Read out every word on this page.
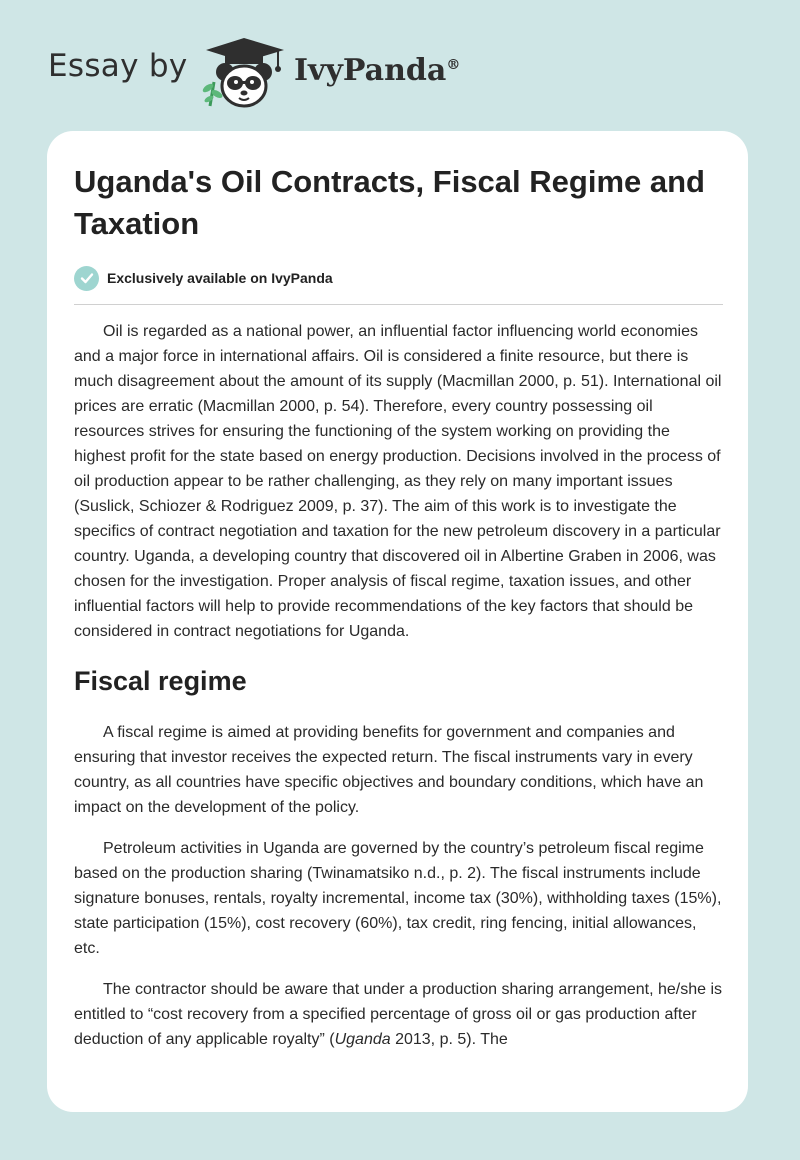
Essay by	IvyPanda®
Uganda's Oil Contracts, Fiscal Regime and Taxation
Exclusively available on IvyPanda

Oil is regarded as a national power, an influential factor influencing world economies and a major force in international affairs. Oil is considered a finite resource, but there is much disagreement about the amount of its supply (Macmillan 2000, p. 51). International oil prices are erratic (Macmillan 2000, p. 54). Therefore, every country possessing oil resources strives for ensuring the functioning of the system working on providing the highest profit for the state based on energy production. Decisions involved in the process of oil production appear to be rather challenging, as they rely on many important issues (Suslick, Schiozer & Rodriguez 2009, p. 37). The aim of this work is to investigate the specifics of contract negotiation and taxation for the new petroleum discovery in a particular country. Uganda, a developing country that discovered oil in Albertine Graben in 2006, was chosen for the investigation. Proper analysis of fiscal regime, taxation issues, and other influential factors will help to provide recommendations of the key factors that should be considered in contract negotiations for Uganda.

Fiscal regime

A fiscal regime is aimed at providing benefits for government and companies and ensuring that investor receives the expected return. The fiscal instruments vary in every country, as all countries have specific objectives and boundary conditions, which have an impact on the development of the policy.

Petroleum activities in Uganda are governed by the country’s petroleum fiscal regime based on the production sharing (Twinamatsiko n.d., p. 2). The fiscal instruments include signature bonuses, rentals, royalty incremental, income tax (30%), withholding taxes (15%), state participation (15%), cost recovery (60%), tax credit, ring fencing, initial allowances, etc.

The contractor should be aware that under a production sharing arrangement, he/she is entitled to “cost recovery from a specified percentage of gross oil or gas production after deduction of any applicable royalty” (Uganda 2013, p. 5). The
